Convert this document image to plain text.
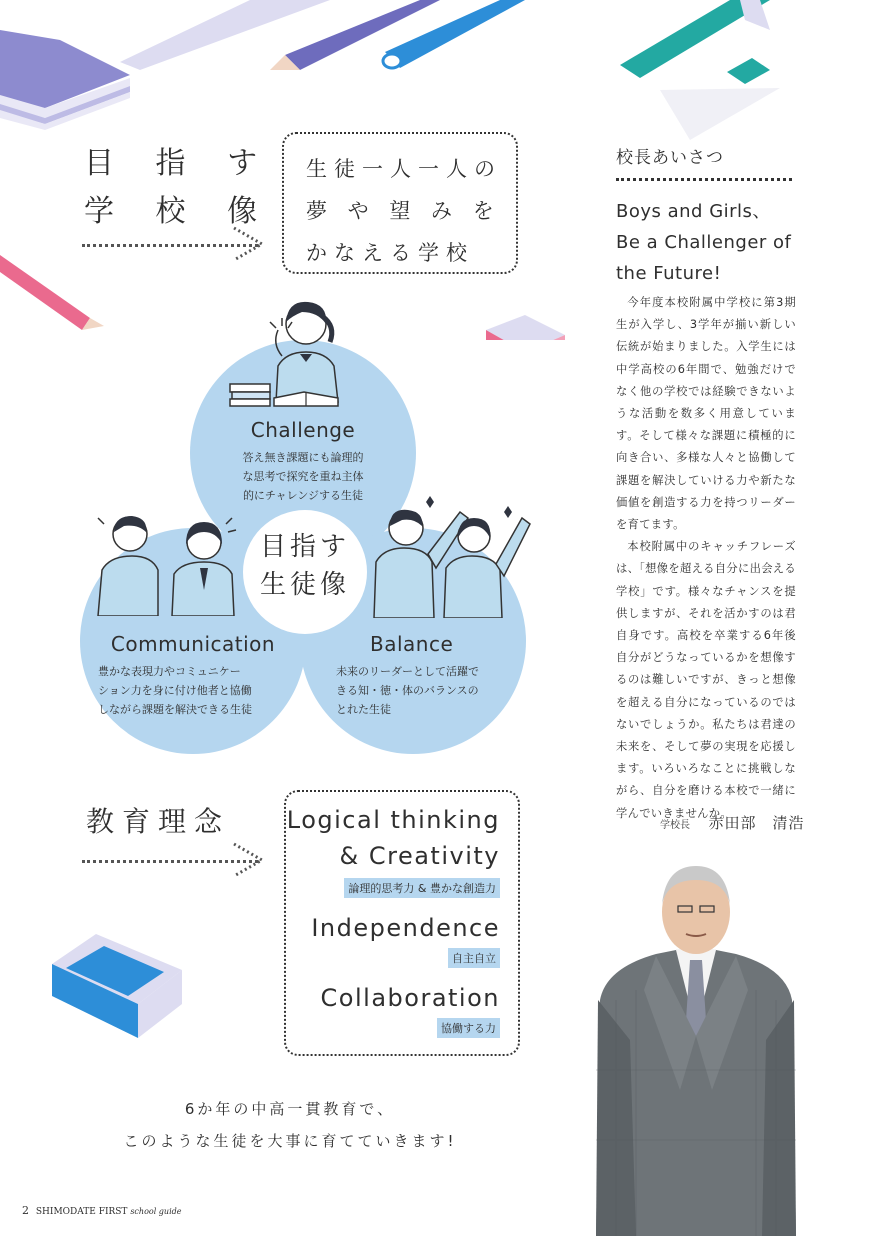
目 指 す
学 校 像
生徒一人一人の
夢 や 望 み を
かなえる学校
Challenge
答え無き課題にも論理的
な思考で探究を重ね主体
的にチャレンジする生徒
Communication
豊かな表現力やコミュニケー
ション力を身に付け他者と協働
しながら課題を解決できる生徒
Balance
未来のリーダーとして活躍で
きる知・徳・体のバランスの
とれた生徒
目指す
生徒像
教育理念 Logical thinking
& Creativity
論理的思考力 & 豊かな創造力
Independence
自主自立
Collaboration
協働する力
6か年の中高一貫教育で、
このような生徒を大事に育てていきます!
校長あいさつ
Boys and Girls、
Be a Challenger of
the Future!

今年度本校附属中学校に第3期生が入学し、3学年が揃い新しい伝統が始まりました。入学生には中学高校の6年間で、勉強だけでなく他の学校では経験できないような活動を数多く用意しています。そして様々な課題に積極的に向き合い、多様な人々と協働して課題を解決していける力や新たな価値を創造する力を持つリーダーを育てます。

本校附属中のキャッチフレーズは、「想像を超える自分に出会える学校」です。様々なチャンスを提供しますが、それを活かすのは君自身です。高校を卒業する6年後自分がどうなっているかを想像するのは難しいですが、きっと想像を超える自分になっているのではないでしょうか。私たちは君達の未来を、そして夢の実現を応援します。いろいろなことに挑戦しながら、自分を磨ける本校で一緒に学んでいきませんか。

学校長 赤田部　清浩
2 SHIMODATE FIRST school guide
